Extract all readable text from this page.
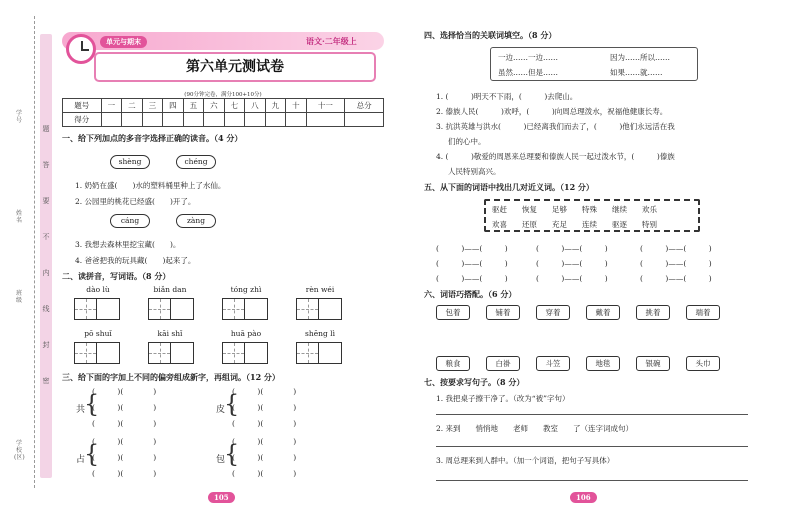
题
答
要
不
内
线
封
密
学号
姓名
班级
学校(区)
单元与期末	语文·二年级上
第六单元测试卷
(90分钟完卷，满分100+10分)
题号	一	二	三	四	五	六	七	八	九	十	十一	总分
得分												
一、给下列加点的多音字选择正确的读音。（4 分）
shèng	chéng
1. 奶奶在盛(　　)水的塑料桶里种上了水仙。
2. 公园里的桃花已经盛(　　)开了。
cáng	zàng
3. 我想去森林里挖宝藏(　　)。
4. 爸爸把我的玩具藏(　　)起来了。
二、读拼音，写词语。（8 分）
dào lù	biǎn dan	tóng zhì	rèn wéi
pō shuǐ	kāi shǐ	huā pào	shēng lì
三、给下面的字加上不同的偏旁组成新字，再组词。（12 分）
共
{
(　　　)(　　　　)
(　　　)(　　　　)
(　　　)(　　　　)
皮
{
(　　　)(　　　　)
(　　　)(　　　　)
(　　　)(　　　　)
占
{
(　　　)(　　　　)
(　　　)(　　　　)
(　　　)(　　　　)
包
{
(　　　)(　　　　)
(　　　)(　　　　)
(　　　)(　　　　)
105
四、选择恰当的关联词填空。（8 分）
一边……一边……	因为……所以……
虽然……但是……	如果……就……
1. (　　　)明天不下雨，(　　　)去爬山。
2. 傣族人民(　　　)欢呼，(　　　)向周总理泼水，祝福他健康长寿。
3. 抗洪英雄与洪水(　　　)已经离我们而去了，(　　　)他们永远活在我
们的心中。
4. (　　　)敬爱的周恩来总理要和傣族人民一起过泼水节，(　　　)傣族
人民特别高兴。
五、从下面的词语中找出几对近义词。（12 分）
驱赶　　 恢复　　 足够　　 特殊　　 继续　　 欢乐
欢喜　　 还原　　 充足　　 连续　　 驱逐　　 特别
(　　　)——(　　　)	(　　　)——(　　　)	(　　　)——(　　　)
(　　　)——(　　　)	(　　　)——(　　　)	(　　　)——(　　　)
(　　　)——(　　　)	(　　　)——(　　　)	(　　　)——(　　　)
六、词语巧搭配。（6 分）
包着	铺着	穿着	戴着	挑着	端着
粮食	白褂	斗笠	地毯	银碗	头巾
七、按要求写句子。（8 分）
1. 我把桌子擦干净了。（改为“被”字句）
2. 来到　　悄悄地　　老师　　教室　　了（连字词成句）
3. 周总理来到人群中。（加一个词语，把句子写具体）
106
